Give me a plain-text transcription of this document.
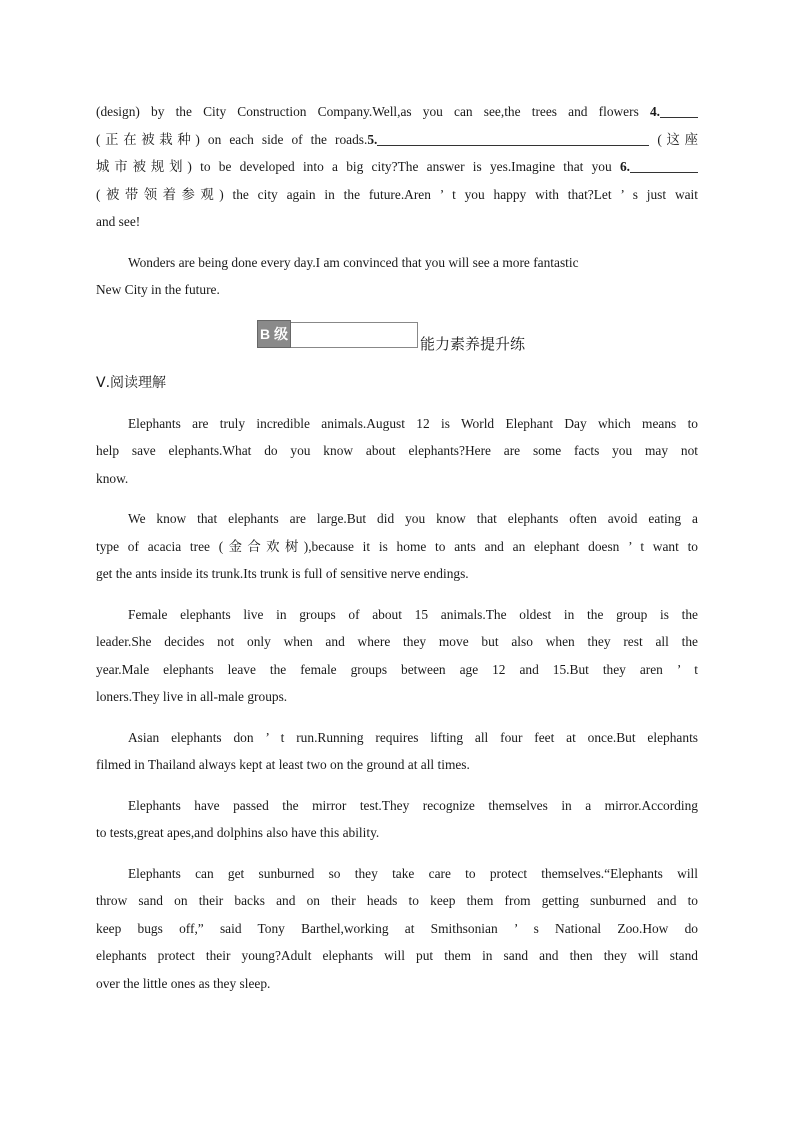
(design) by the City Construction Company.Well,as you can see,the trees and flowers 4.
(正在被栽种) on each side of the roads.5.	(这座
城市被规划) to be developed into a big city?The answer is yes.Imagine that you 6.
(被带领着参观) the city again in the future.Aren ’ t you happy with that?Let ’ s just wait
and see!
Wonders are being done every day.I am convinced that you will see a more fantastic
New City in the future.
B 级
能力素养提升练
Ⅴ.阅读理解
Elephants are truly incredible animals.August 12 is World Elephant Day which means to
help save elephants.What do you know about elephants?Here are some facts you may not
know.
We know that elephants are large.But did you know that elephants often avoid eating a
type of acacia tree (金合欢树),because it is home to ants and an elephant doesn ’ t want to
get the ants inside its trunk.Its trunk is full of sensitive nerve endings.
Female elephants live in groups of about 15 animals.The oldest in the group is the
leader.She decides not only when and where they move but also when they rest all the
year.Male elephants leave the female groups between age 12 and 15.But they aren ’ t
loners.They live in all-male groups.
Asian elephants don ’ t run.Running requires lifting all four feet at once.But elephants
filmed in Thailand always kept at least two on the ground at all times.
Elephants have passed the mirror test.They recognize themselves in a mirror.According
to tests,great apes,and dolphins also have this ability.
Elephants can get sunburned so they take care to protect themselves.“Elephants will
throw sand on their backs and on their heads to keep them from getting sunburned and to
keep bugs off,” said Tony Barthel,working at Smithsonian ’ s National Zoo.How do
elephants protect their young?Adult elephants will put them in sand and then they will stand
over the little ones as they sleep.
